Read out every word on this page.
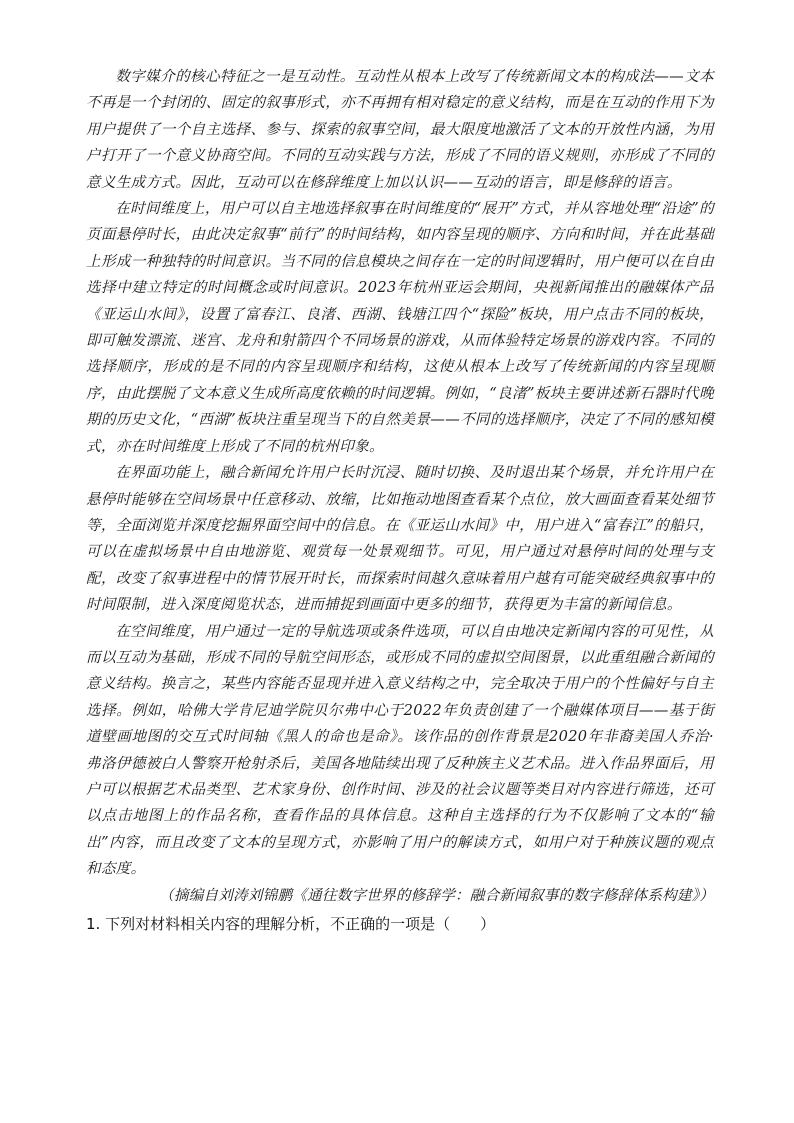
数字媒介的核心特征之一是互动性。互动性从根本上改写了传统新闻文本的构成法——文本不再是一个封闭的、固定的叙事形式，亦不再拥有相对稳定的意义结构，而是在互动的作用下为用户提供了一个自主选择、参与、探索的叙事空间，最大限度地激活了文本的开放性内涵，为用户打开了一个意义协商空间。不同的互动实践与方法，形成了不同的语义规则，亦形成了不同的意义生成方式。因此，互动可以在修辞维度上加以认识——互动的语言，即是修辞的语言。

在时间维度上，用户可以自主地选择叙事在时间维度的“展开”方式，并从容地处理“沿途”的页面悬停时长，由此决定叙事“前行”的时间结构，如内容呈现的顺序、方向和时间，并在此基础上形成一种独特的时间意识。当不同的信息模块之间存在一定的时间逻辑时，用户便可以在自由选择中建立特定的时间概念或时间意识。2023年杭州亚运会期间，央视新闻推出的融媒体产品《亚运山水间》，设置了富春江、良渚、西湖、钱塘江四个“探险”板块，用户点击不同的板块，即可触发漂流、迷宫、龙舟和射箭四个不同场景的游戏，从而体验特定场景的游戏内容。不同的选择顺序，形成的是不同的内容呈现顺序和结构，这使从根本上改写了传统新闻的内容呈现顺序，由此摆脱了文本意义生成所高度依赖的时间逻辑。例如，“良渚”板块主要讲述新石器时代晚期的历史文化，“西湖”板块注重呈现当下的自然美景——不同的选择顺序，决定了不同的感知模式，亦在时间维度上形成了不同的杭州印象。

在界面功能上，融合新闻允许用户长时沉浸、随时切换、及时退出某个场景，并允许用户在悬停时能够在空间场景中任意移动、放缩，比如拖动地图查看某个点位，放大画面查看某处细节等，全面浏览并深度挖掘界面空间中的信息。在《亚运山水间》中，用户进入“富春江”的船只，可以在虚拟场景中自由地游览、观赏每一处景观细节。可见，用户通过对悬停时间的处理与支配，改变了叙事进程中的情节展开时长，而探索时间越久意味着用户越有可能突破经典叙事中的时间限制，进入深度阅览状态，进而捕捉到画面中更多的细节，获得更为丰富的新闻信息。

在空间维度，用户通过一定的导航选项或条件选项，可以自由地决定新闻内容的可见性，从而以互动为基础，形成不同的导航空间形态，或形成不同的虚拟空间图景，以此重组融合新闻的意义结构。换言之，某些内容能否显现并进入意义结构之中，完全取决于用户的个性偏好与自主选择。例如，哈佛大学肯尼迪学院贝尔弗中心于2022年负责创建了一个融媒体项目——基于街道壁画地图的交互式时间轴《黑人的命也是命》。该作品的创作背景是2020年非裔美国人乔治·弗洛伊德被白人警察开枪射杀后，美国各地陆续出现了反种族主义艺术品。进入作品界面后，用户可以根据艺术品类型、艺术家身份、创作时间、涉及的社会议题等类目对内容进行筛选，还可以点击地图上的作品名称，查看作品的具体信息。这种自主选择的行为不仅影响了文本的“输出”内容，而且改变了文本的呈现方式，亦影响了用户的解读方式，如用户对于种族议题的观点和态度。

（摘编自刘涛刘锦鹏《通往数字世界的修辞学：融合新闻叙事的数字修辞体系构建》）

1. 下列对材料相关内容的理解分析，不正确的一项是（　　）
